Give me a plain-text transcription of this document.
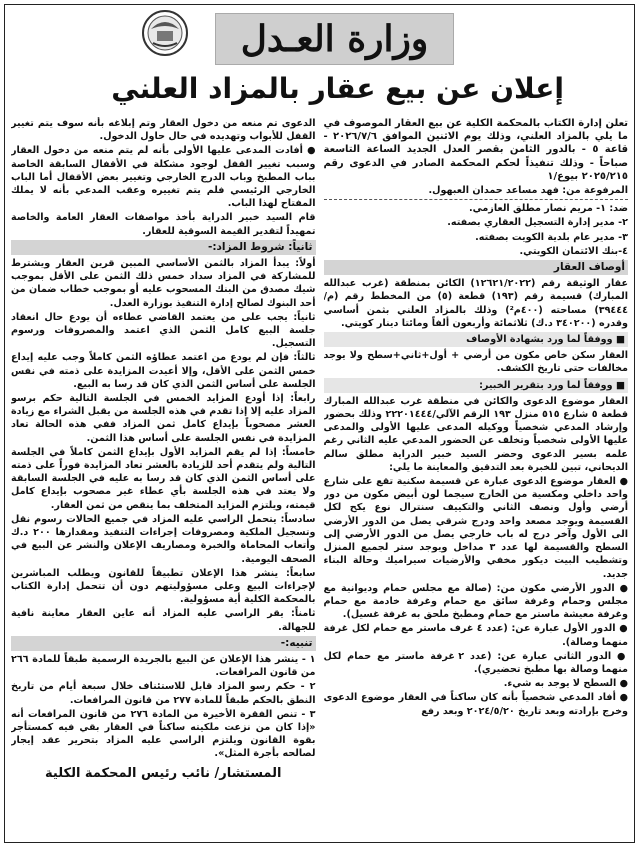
وزارة العـدل
إعلان عن بيع عقار بالمزاد العلني

تعلن إدارة الكتاب بالمحكمة الكلية عن بيع العقار الموصوف في ما يلي بالمزاد العلني، وذلك يوم الاثنين الموافق ٢٠٢٦/٧/٦ - قاعة ٥ - بالدور الثامن بقصر العدل الجديد الساعة التاسعة صباحاً - وذلك تنفيذاً لحكم المحكمة الصادر في الدعوى رقم ٢٠٢٥/٢١٥ بيوع/١

المرفوعة من: فهد مساعد حمدان العبهول.

ضد: ١- مريم نصار مطلق العازمي.

٢- مدير إدارة التسجيل العقاري بصفته.

٣- مدير عام بلدية الكويت بصفته.

٤-بنك الائتمان الكويتي.

أوصاف العقار

عقار الوثيقة رقم (١٢٦٢١/٢٠٢٢) الكائن بمنطقة (غرب عبدالله المبارك) قسيمة رقم (١٩٣) قطعة (٥) من المخطط رقم (م/٣٩٤٤٤) مساحته (٤٠٠م²) وذلك بالمزاد العلني بثمن أساسي وقدره (٣٤٠٢٠٠ د.ك) ثلاثمائة وأربعون ألفاً ومائتا دينار كويتي.

■ ووفقاً لما ورد بشهادة الأوصاف

العقار سكن خاص مكون من أرضي + أول+ثاني+سطح ولا يوجد مخالفات حتى تاريخ الكشف.

■ ووفقاً لما ورد بتقرير الخبير:

العقار موضوع الدعوى والكائن في منطقة غرب عبدالله المبارك قطعة ٥ شارع ٥١٥ منزل ١٩٣ الرقم الآلي/٢٢٢٠١٤٤٤ وذلك بحضور وإرشاد المدعي شخصياً ووكيله المدعى عليها الأولى والمدعى عليها الأولى شخصياً وتخلف عن الحضور المدعي عليه الثاني رغم علمه بسير الدعوى وحضر السيد خبير الدراية مطلق سالم الديحاني، تبين للخبرة بعد التدقيق والمعاينة ما يلي:

● العقار موضوع الدعوى عبارة عن قسيمة سكنية تقع على شارع واحد داخلي ومكسية من الخارج سيجما لون أبيض مكون من دور أرضي وأول ونصف الثاني والتكييف سنترال نوع يكح لكل القسيمة ويوجد مصعد واحد ودرج شرقي يصل من الدور الأرضي الى الأول وآخر درج له باب خارجي يصل من الدور الأرضي إلى السطح والقسيمة لها عدد ٣ مداخل ويوجد ستر لجميع المنزل وتشطيب البيت ديكور مخفي والأرضيات سيراميك وحالة البناء جديد.

● الدور الأرضي مكون من: (صالة مع مجلس حمام وديوانية مع مجلس وحمام وغرفة سائق مع حمام وغرفة خادمة مع حمام وغرفة معيشة ماستر مع حمام ومطبخ ملحق به غرفة غسيل).

● الدور الأول عبارة عن: (عدد ٤ غرف ماستر مع حمام لكل غرفة منهما وصالة).

● الدور الثاني عبارة عن: (عدد ٢ غرفة ماستر مع حمام لكل منهما وصالة بها مطبخ تحضيري).

● السطح لا يوجد به شيء.

● أفاد المدعي شخصياً بأنه كان ساكناً في العقار موضوع الدعوى وخرج بإرادته وبعد تاريخ ٢٠٢٤/٥/٢٠ وبعد رفع

الدعوى تم منعه من دخول العقار وتم إبلاغه بأنه سوف يتم تغيير القفل للأبواب وتهديده في حال حاول الدخول.

● أفادت المدعى عليها الأولى بأنه لم يتم منعه من دخول العقار وسبب تغيير القفل لوجود مشكلة في الأقفال السابقة الخاصة بباب المطبخ وباب الدرج الخارجي وتغيير بعض الأقفال أما الباب الخارجي الرئيسي فلم يتم تغييره وعقب المدعي بأنه لا يملك المفتاح لهذا الباب.

قام السيد خبير الدراية بأخذ مواصفات العقار العامة والخاصة تمهيداً لتقدير القيمة السوقية للعقار.

ثانياً: شروط المزاد:-

أولاً: يبدأ المزاد بالثمن الأساسي المبين قرين العقار ويشترط للمشاركة في المزاد سداد خمس ذلك الثمن على الأقل بموجب شيك مصدق من البنك المسحوب عليه أو بموجب خطاب ضمان من أحد البنوك لصالح إدارة التنفيذ بوزارة العدل.

ثانياً: يجب على من يعتمد القاضي عطاءه أن يودع حال انعقاد جلسة البيع كامل الثمن الذي اعتمد والمصروفات ورسوم التسجيل.

ثالثاً: فإن لم يودع من اعتمد عطاؤه الثمن كاملاً وجب عليه إيداع خمس الثمن على الأقل، وإلا أعيدت المزايدة على ذمته في نفس الجلسة على أساس الثمن الذي كان قد رسا به البيع.

رابعاً: إذا أودع المزايد الخمس في الجلسة التالية حكم برسو المزاد عليه إلا إذا تقدم في هذه الجلسة من يقبل الشراء مع زيادة العشر مصحوباً بإيداع كامل ثمن المزاد ففي هذه الحالة تعاد المزايدة في نفس الجلسة على أساس هذا الثمن.

خامساً: إذا لم يقم المزايد الأول بإيداع الثمن كاملاً في الجلسة التالية ولم يتقدم أحد للزيادة بالعشر تعاد المزايدة فوراً على ذمته على أساس الثمن الذي كان قد رسا به عليه في الجلسة السابقة ولا يعتد في هذه الجلسة بأي عطاء غير مصحوب بإيداع كامل قيمته، ويلتزم المزايد المتخلف بما ينقص من ثمن العقار.

سادساً: يتحمل الراسي عليه المزاد في جميع الحالات رسوم نقل وتسجيل الملكية ومصروفات إجراءات التنفيذ ومقدارها ٢٠٠ د.ك وأتعاب المحاماة والخبرة ومصاريف الإعلان والنشر عن البيع في الصحف اليومية.

سابعاً: ينشر هذا الإعلان تطبيقاً للقانون ويطلب المباشرين لإجراءات البيع وعلى مسؤوليتهم دون أن تتحمل إدارة الكتاب بالمحكمة الكلية أية مسؤولية.

ثامناً: يقر الراسي عليه المزاد أنه عاين العقار معاينة نافية للجهالة.

تنبيه:-

١ - ينشر هذا الإعلان عن البيع بالجريدة الرسمية طبقاً للمادة ٢٦٦ من قانون المرافعات.

٢ - حكم رسو المزاد قابل للاستئناف خلال سبعة أيام من تاريخ النطق بالحكم طبقاً للمادة ٢٧٧ من قانون المرافعات.

٣ - تنص الفقرة الأخيرة من المادة ٢٧٦ من قانون المرافعات أنه «إذا كان من نزعت ملكيته ساكناً في العقار بقي فيه كمستأجر بقوة القانون ويلتزم الراسي عليه المزاد بتحرير عقد إيجار لصالحه بأجرة المثل».

المستشار/ نائب رئيس المحكمة الكلية
